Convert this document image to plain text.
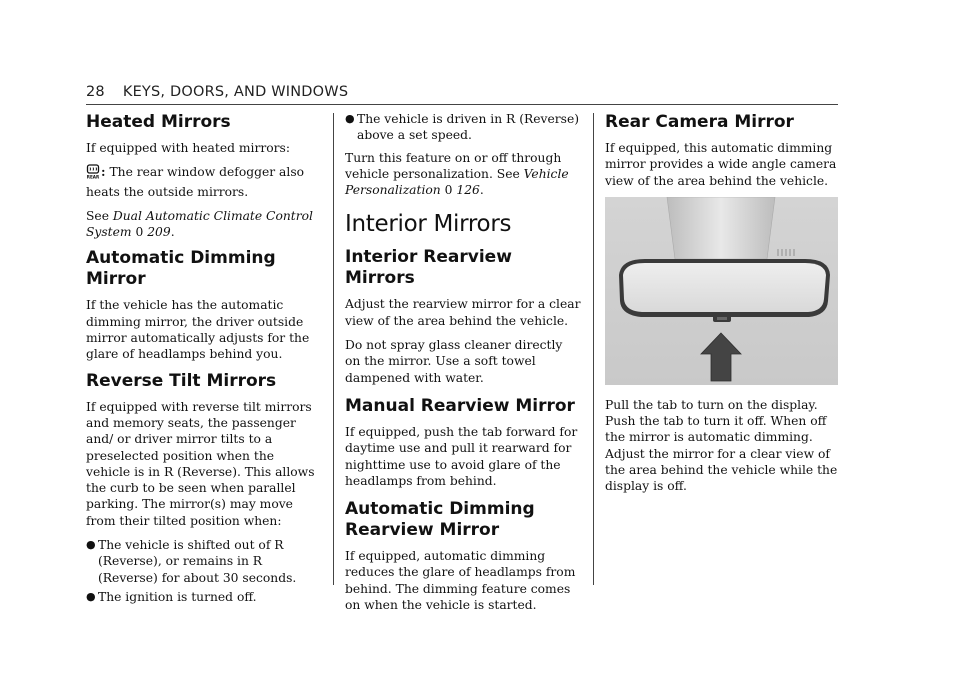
28 KEYS, DOORS, AND WINDOWS
Heated Mirrors

If equipped with heated mirrors:

REAR : The rear window defogger also heats the outside mirrors.

See Dual Automatic Climate Control System 0 209.

Automatic Dimming Mirror

If the vehicle has the automatic dimming mirror, the driver outside mirror automatically adjusts for the glare of headlamps behind you.

Reverse Tilt Mirrors

If equipped with reverse tilt mirrors and memory seats, the passenger and/ or driver mirror tilts to a preselected position when the vehicle is in R (Reverse). This allows the curb to be seen when parallel parking. The mirror(s) may move from their tilted position when:

● The vehicle is shifted out of R (Reverse), or remains in R (Reverse) for about 30 seconds.
● The ignition is turned off.
● The vehicle is driven in R (Reverse) above a set speed.

Turn this feature on or off through vehicle personalization. See Vehicle Personalization 0 126.

Interior Mirrors
Interior Rearview Mirrors

Adjust the rearview mirror for a clear view of the area behind the vehicle.

Do not spray glass cleaner directly on the mirror. Use a soft towel dampened with water.

Manual Rearview Mirror

If equipped, push the tab forward for daytime use and pull it rearward for nighttime use to avoid glare of the headlamps from behind.

Automatic Dimming Rearview Mirror

If equipped, automatic dimming reduces the glare of headlamps from behind. The dimming feature comes on when the vehicle is started.

Rear Camera Mirror

If equipped, this automatic dimming mirror provides a wide angle camera view of the area behind the vehicle.

Pull the tab to turn on the display. Push the tab to turn it off. When off the mirror is automatic dimming. Adjust the mirror for a clear view of the area behind the vehicle while the display is off.
